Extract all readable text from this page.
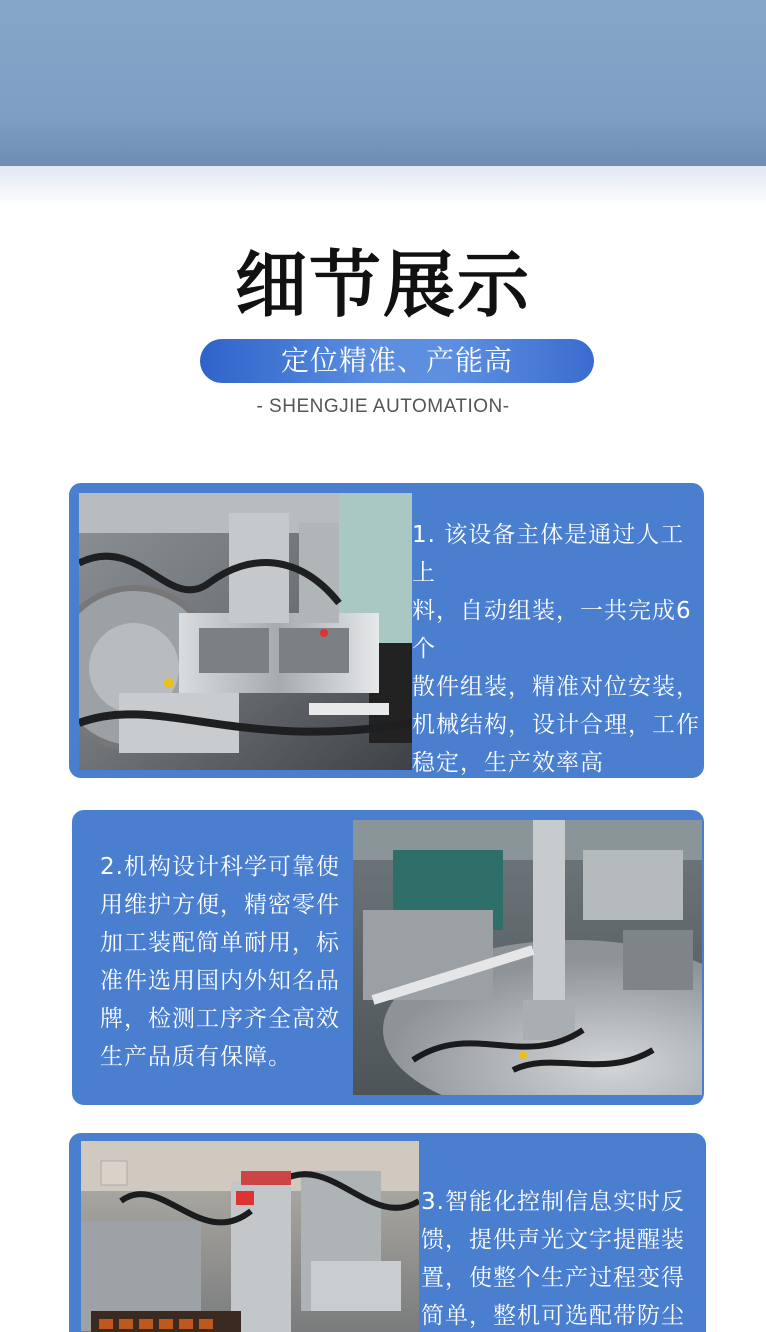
细节展示
定位精准、产能高
- SHENGJIE AUTOMATION-
1. 该设备主体是通过人工上
料，自动组装，一共完成6个
散件组装，精准对位安装，
机械结构，设计合理，工作
稳定，生产效率高
2.机构设计科学可靠使
用维护方便，精密零件
加工装配简单耐用，标
准件选用国内外知名品
牌，检测工序齐全高效
生产品质有保障。
3.智能化控制信息实时反
馈，提供声光文字提醒装
置，使整个生产过程变得
简单，整机可选配带防尘
